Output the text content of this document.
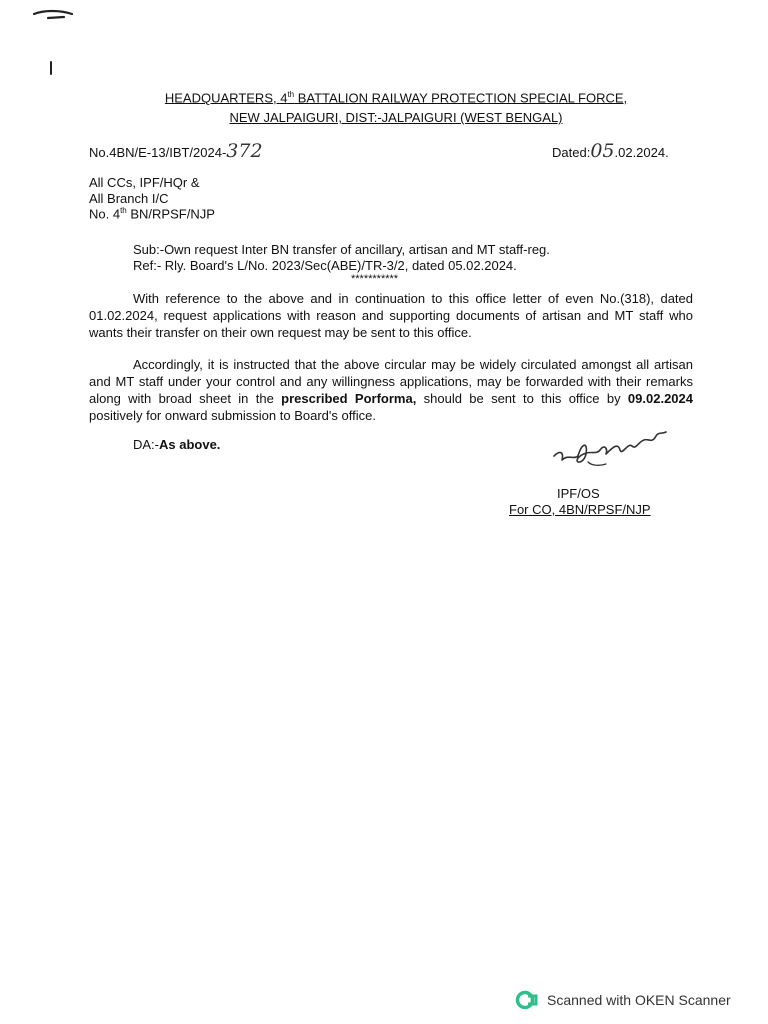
HEADQUARTERS, 4th BATTALION RAILWAY PROTECTION SPECIAL FORCE,
NEW JALPAIGURI, DIST:-JALPAIGURI (WEST BENGAL)
No.4BN/E-13/IBT/2024-372	Dated:05.02.2024.
All CCs, IPF/HQr &
All Branch I/C
No. 4th BN/RPSF/NJP
Sub:-Own request Inter BN transfer of ancillary, artisan and MT staff-reg.
Ref:- Rly. Board's L/No. 2023/Sec(ABE)/TR-3/2, dated 05.02.2024.
***********
With reference to the above and in continuation to this office letter of even No.(318), dated 01.02.2024, request applications with reason and supporting documents of artisan and MT staff who wants their transfer on their own request may be sent to this office.
Accordingly, it is instructed that the above circular may be widely circulated amongst all artisan and MT staff under your control and any willingness applications, may be forwarded with their remarks along with broad sheet in the prescribed Porforma, should be sent to this office by 09.02.2024 positively for onward submission to Board's office.
DA:-As above.
IPF/OS
For CO, 4BN/RPSF/NJP
Scanned with OKEN Scanner
